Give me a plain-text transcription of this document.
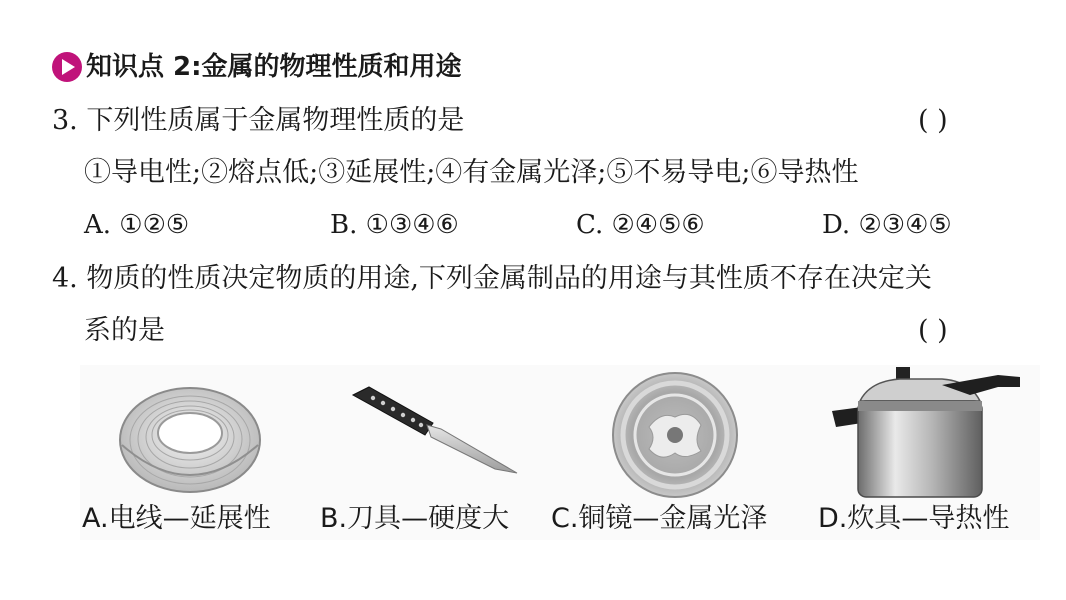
知识点 2:金属的物理性质和用途
3. 下列性质属于金属物理性质的是	( )
①导电性;②熔点低;③延展性;④有金属光泽;⑤不易导电;⑥导热性
A. ①②⑤	B. ①③④⑥	C. ②④⑤⑥	D. ②③④⑤
4. 物质的性质决定物质的用途,下列金属制品的用途与其性质不存在决定关
系的是	( )
A.电线—延展性 B.刀具—硬度大 C.铜镜—金属光泽 D.炊具—导热性
